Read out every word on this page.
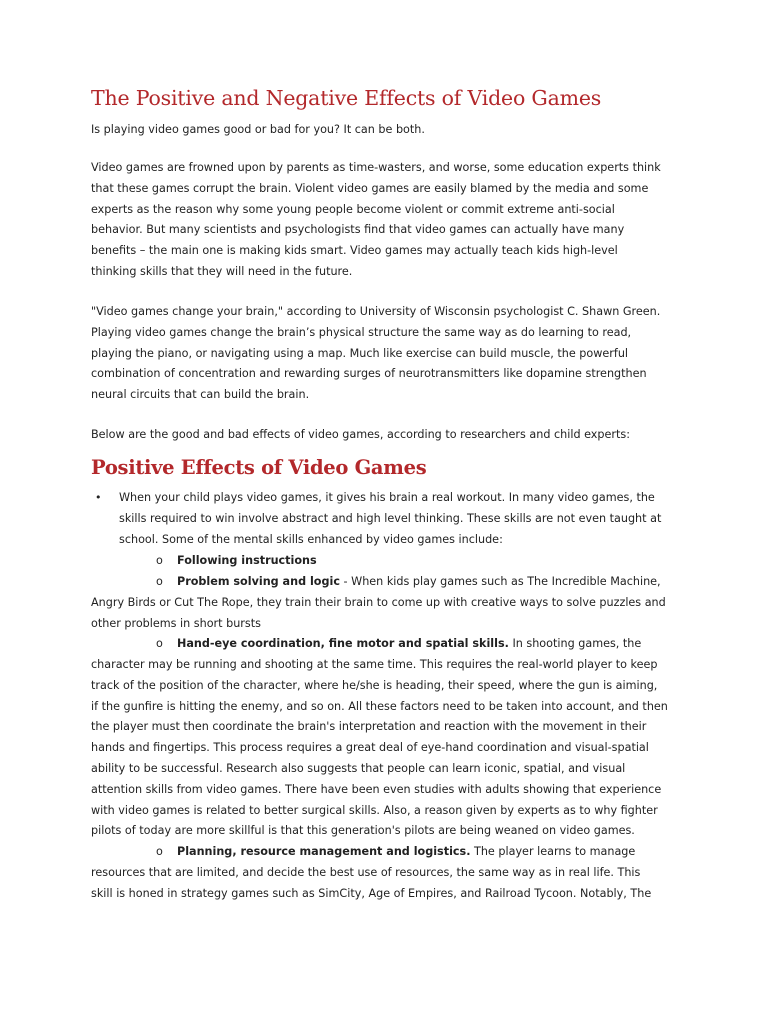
The Positive and Negative Effects of Video Games

Is playing video games good or bad for you? It can be both.

Video games are frowned upon by parents as time-wasters, and worse, some education experts think
that these games corrupt the brain. Violent video games are easily blamed by the media and some
experts as the reason why some young people become violent or commit extreme anti-social
behavior. But many scientists and psychologists find that video games can actually have many
benefits – the main one is making kids smart. Video games may actually teach kids high-level
thinking skills that they will need in the future.

"Video games change your brain," according to University of Wisconsin psychologist C. Shawn Green.
Playing video games change the brain’s physical structure the same way as do learning to read,
playing the piano, or navigating using a map. Much like exercise can build muscle, the powerful
combination of concentration and rewarding surges of neurotransmitters like dopamine strengthen
neural circuits that can build the brain.

Below are the good and bad effects of video games, according to researchers and child experts:

Positive Effects of Video Games
• When your child plays video games, it gives his brain a real workout. In many video games, the
skills required to win involve abstract and high level thinking. These skills are not even taught at
school. Some of the mental skills enhanced by video games include:

o Following instructions
o Problem solving and logic - When kids play games such as The Incredible Machine,

Angry Birds or Cut The Rope, they train their brain to come up with creative ways to solve puzzles and
other problems in short bursts

o Hand-eye coordination, fine motor and spatial skills. In shooting games, the

character may be running and shooting at the same time. This requires the real-world player to keep
track of the position of the character, where he/she is heading, their speed, where the gun is aiming,
if the gunfire is hitting the enemy, and so on. All these factors need to be taken into account, and then
the player must then coordinate the brain's interpretation and reaction with the movement in their
hands and fingertips. This process requires a great deal of eye-hand coordination and visual-spatial
ability to be successful. Research also suggests that people can learn iconic, spatial, and visual
attention skills from video games. There have been even studies with adults showing that experience
with video games is related to better surgical skills. Also, a reason given by experts as to why fighter
pilots of today are more skillful is that this generation's pilots are being weaned on video games.

o Planning, resource management and logistics. The player learns to manage

resources that are limited, and decide the best use of resources, the same way as in real life. This
skill is honed in strategy games such as SimCity, Age of Empires, and Railroad Tycoon. Notably, The
